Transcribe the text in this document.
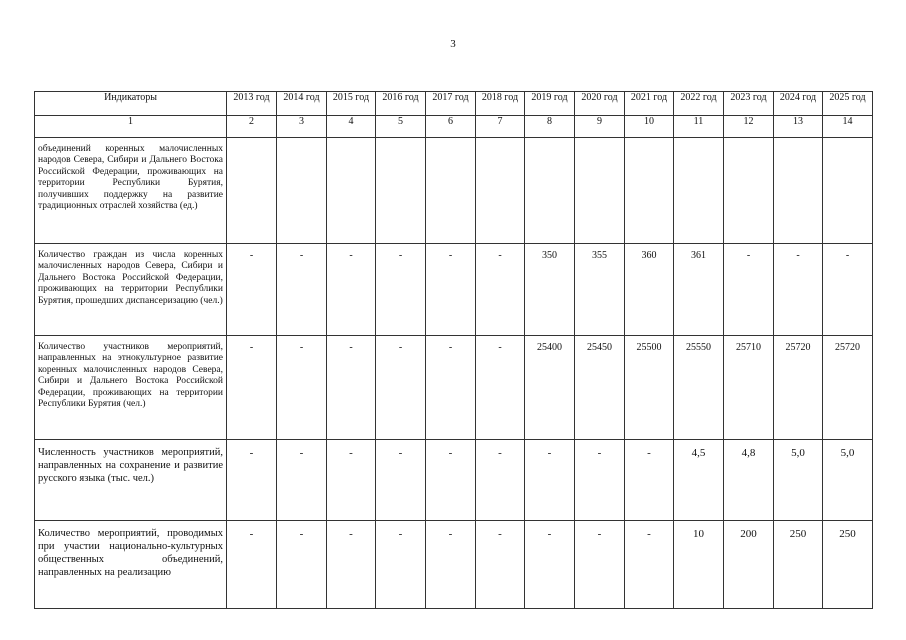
3
Индикаторы	2013 год	2014 год	2015 год	2016 год	2017 год	2018 год	2019 год	2020 год	2021 год	2022 год	2023 год	2024 год	2025 год
1	2	3	4	5	6	7	8	9	10	11	12	13	14
объединений коренных малочисленных народов Севера, Сибири и Дальнего Востока Российской Федерации, проживающих на территории Республики Бурятия, получивших поддержку на развитие традиционных отраслей хозяйства (ед.)													
Количество граждан из числа коренных малочисленных народов Севера, Сибири и Дальнего Востока Российской Федерации, проживающих на территории Республики Бурятия, прошедших диспансеризацию (чел.)	-	-	-	-	-	-	350	355	360	361	-	-	-
Количество участников мероприятий, направленных на этнокультурное развитие коренных малочисленных народов Севера, Сибири и Дальнего Востока Российской Федерации, проживающих на территории Республики Бурятия (чел.)	-	-	-	-	-	-	25400	25450	25500	25550	25710	25720	25720
Численность участников мероприятий, направленных на сохранение и развитие русского языка (тыс. чел.)	-	-	-	-	-	-	-	-	-	4,5	4,8	5,0	5,0
Количество мероприятий, проводимых при участии национально-культурных общественных объединений, направленных на реализацию	-	-	-	-	-	-	-	-	-	10	200	250	250
